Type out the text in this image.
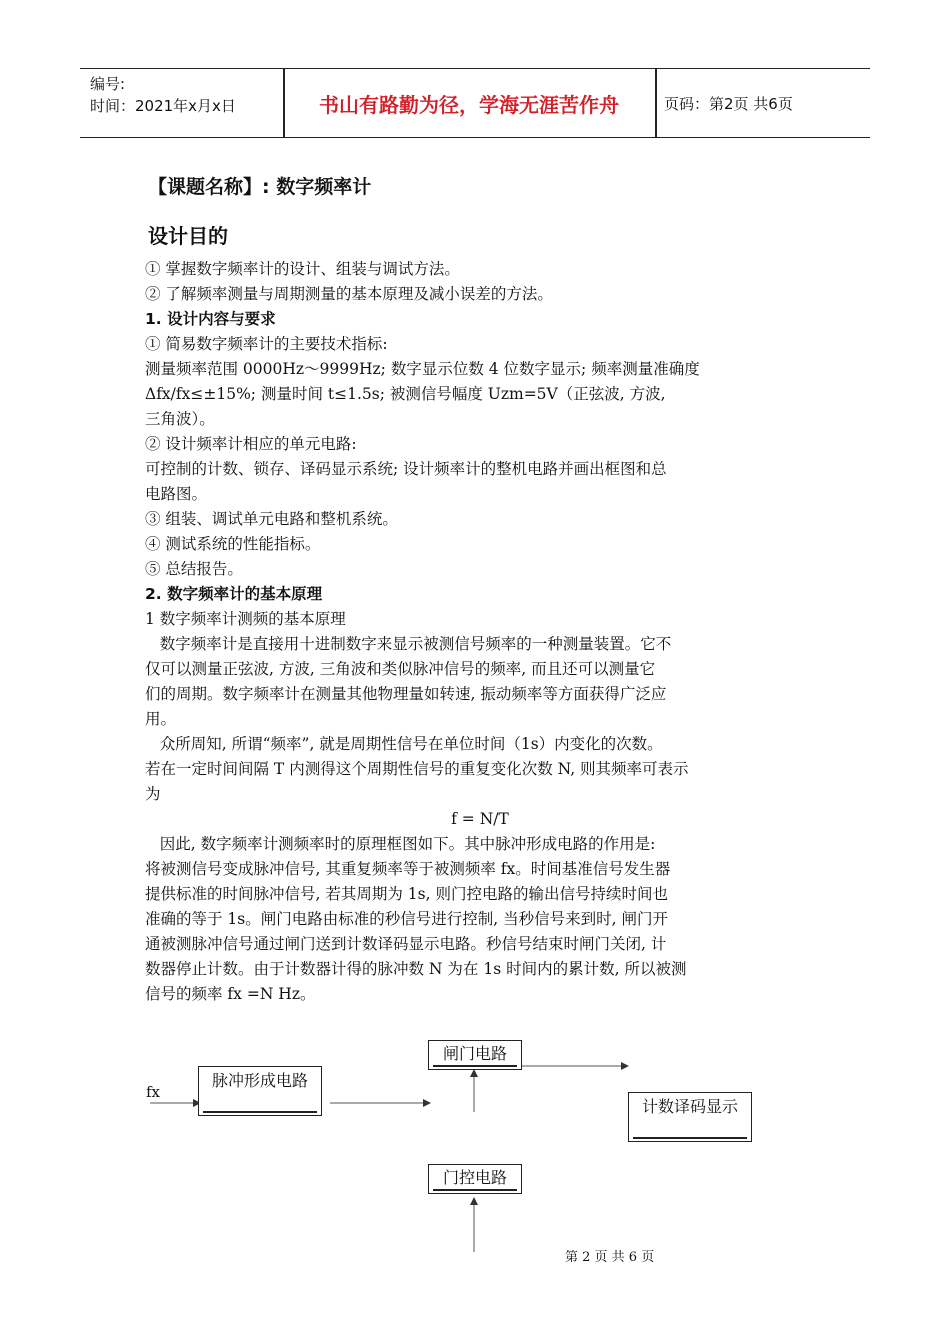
编号:
时间：2021年x月x日	书山有路勤为径，学海无涯苦作舟	页码：第2页 共6页
【课题名称】: 数字频率计
设计目的
① 掌握数字频率计的设计、组装与调试方法。
② 了解频率测量与周期测量的基本原理及减小误差的方法。
1. 设计内容与要求
① 简易数字频率计的主要技术指标:
测量频率范围 0000Hz～9999Hz; 数字显示位数 4 位数字显示; 频率测量准确度
Δfx/fx≤±15%; 测量时间 t≤1.5s; 被测信号幅度 Uzm=5V（正弦波, 方波,
三角波）。
② 设计频率计相应的单元电路:
可控制的计数、锁存、译码显示系统; 设计频率计的整机电路并画出框图和总
电路图。
③ 组装、调试单元电路和整机系统。
④ 测试系统的性能指标。
⑤ 总结报告。
2. 数字频率计的基本原理
1 数字频率计测频的基本原理
数字频率计是直接用十进制数字来显示被测信号频率的一种测量装置。它不
仅可以测量正弦波, 方波, 三角波和类似脉冲信号的频率, 而且还可以测量它
们的周期。数字频率计在测量其他物理量如转速, 振动频率等方面获得广泛应
用。
众所周知, 所谓“频率”, 就是周期性信号在单位时间（1s）内变化的次数。
若在一定时间间隔 T 内测得这个周期性信号的重复变化次数 N, 则其频率可表示
为
f = N/T
因此, 数字频率计测频率时的原理框图如下。其中脉冲形成电路的作用是:
将被测信号变成脉冲信号, 其重复频率等于被测频率 fx。时间基准信号发生器
提供标准的时间脉冲信号, 若其周期为 1s, 则门控电路的输出信号持续时间也
准确的等于 1s。闸门电路由标准的秒信号进行控制, 当秒信号来到时, 闸门开
通被测脉冲信号通过闸门送到计数译码显示电路。秒信号结束时闸门关闭, 计
数器停止计数。由于计数器计得的脉冲数 N 为在 1s 时间内的累计数, 所以被测
信号的频率 fx =N Hz。
fx
脉冲形成电路
闸门电路
计数译码显示
门控电路
第 2 页 共 6 页
